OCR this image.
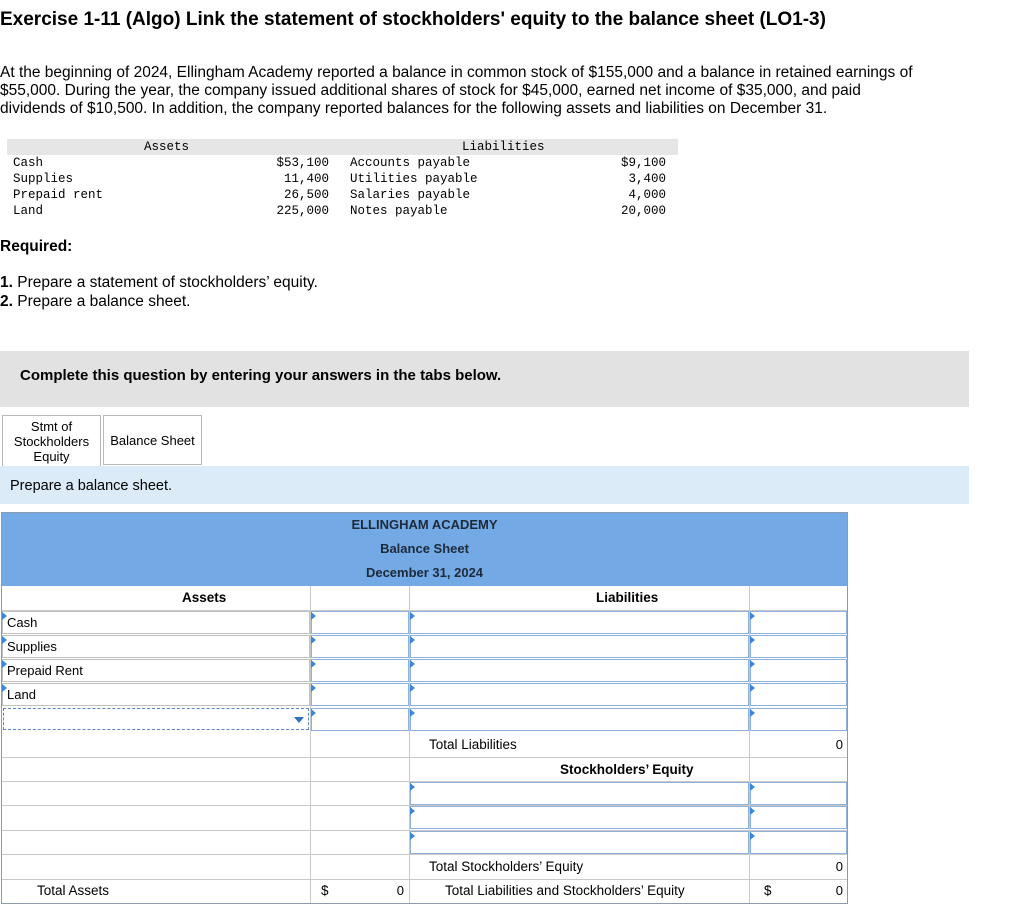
Exercise 1-11 (Algo) Link the statement of stockholders' equity to the balance sheet (LO1-3)

At the beginning of 2024, Ellingham Academy reported a balance in common stock of $155,000 and a balance in retained earnings of

$55,000. During the year, the company issued additional shares of stock for $45,000, earned net income of $35,000, and paid

dividends of $10,500. In addition, the company reported balances for the following assets and liabilities on December 31.

Assets	Liabilities
Cash	$53,100 Accounts payable	$9,100
Supplies	11,400 Utilities payable	3,400
Prepaid rent	26,500 Salaries payable	4,000
Land	225,000 Notes payable	20,000
Required:
1. Prepare a statement of stockholders’ equity.
2. Prepare a balance sheet.
Complete this question by entering your answers in the tabs below.
Stmt of
Stockholders
Equity
Balance Sheet
Prepare a balance sheet.
ELLINGHAM ACADEMY
Balance Sheet
December 31, 2024
Assets	Liabilities
Cash
Supplies
Prepaid Rent
Land
Total Liabilities	0
Stockholders’ Equity
Total Stockholders’ Equity	0
Total Assets	$	0	Total Liabilities and Stockholders’ Equity	$	0
